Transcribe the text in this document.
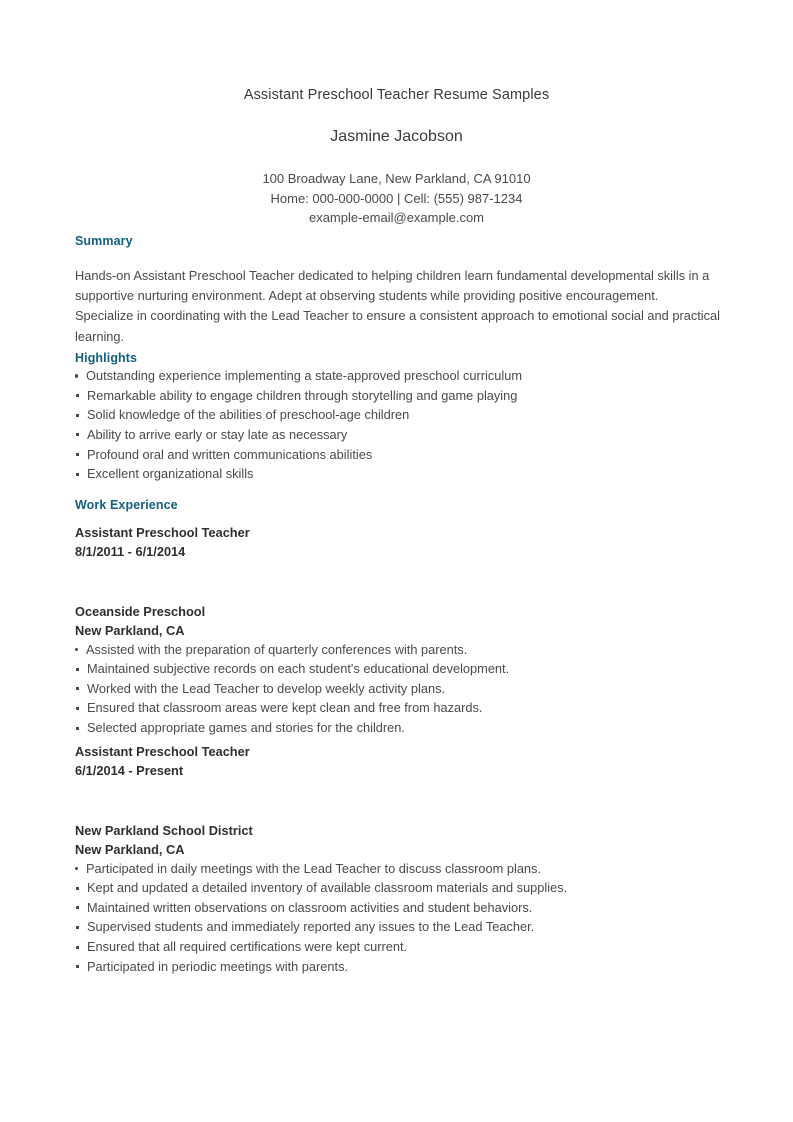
Assistant Preschool Teacher Resume Samples
Jasmine Jacobson
100 Broadway Lane, New Parkland, CA 91010
Home: 000-000-0000 | Cell: (555) 987-1234
example-email@example.com
Summary

Hands-on Assistant Preschool Teacher dedicated to helping children learn fundamental developmental skills in a supportive nurturing environment. Adept at observing students while providing positive encouragement. Specialize in coordinating with the Lead Teacher to ensure a consistent approach to emotional social and practical learning.

Highlights
Outstanding experience implementing a state-approved preschool curriculum
Remarkable ability to engage children through storytelling and game playing
Solid knowledge of the abilities of preschool-age children
Ability to arrive early or stay late as necessary
Profound oral and written communications abilities
Excellent organizational skills
Work Experience
Assistant Preschool Teacher
8/1/2011 - 6/1/2014
Oceanside Preschool
New Parkland, CA
Assisted with the preparation of quarterly conferences with parents.
Maintained subjective records on each student's educational development.
Worked with the Lead Teacher to develop weekly activity plans.
Ensured that classroom areas were kept clean and free from hazards.
Selected appropriate games and stories for the children.
Assistant Preschool Teacher
6/1/2014 - Present
New Parkland School District
New Parkland, CA
Participated in daily meetings with the Lead Teacher to discuss classroom plans.
Kept and updated a detailed inventory of available classroom materials and supplies.
Maintained written observations on classroom activities and student behaviors.
Supervised students and immediately reported any issues to the Lead Teacher.
Ensured that all required certifications were kept current.
Participated in periodic meetings with parents.
